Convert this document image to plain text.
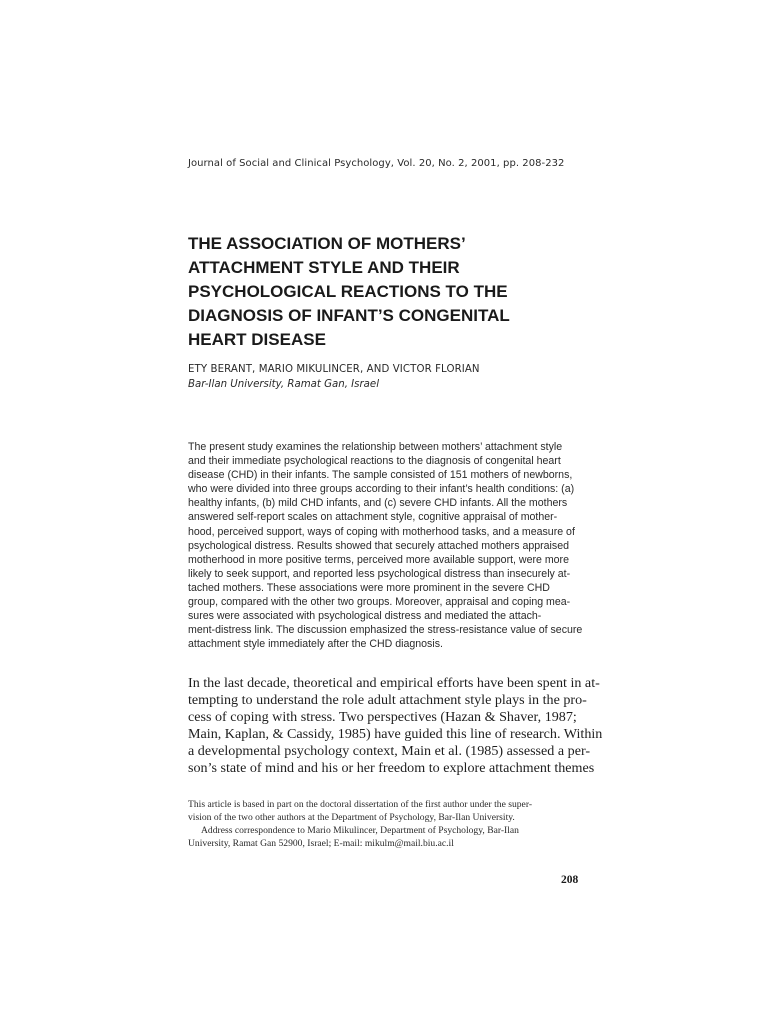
Journal of Social and Clinical Psychology, Vol. 20, No. 2, 2001, pp. 208-232
THE ASSOCIATION OF MOTHERS’
ATTACHMENT STYLE AND THEIR
PSYCHOLOGICAL REACTIONS TO THE
DIAGNOSIS OF INFANT’S CONGENITAL
HEART DISEASE
ETY BERANT, MARIO MIKULINCER, AND VICTOR FLORIAN
Bar-Ilan University, Ramat Gan, Israel
The present study examines the relationship between mothers’ attachment style
and their immediate psychological reactions to the diagnosis of congenital heart
disease (CHD) in their infants. The sample consisted of 151 mothers of newborns,
who were divided into three groups according to their infant’s health conditions: (a)
healthy infants, (b) mild CHD infants, and (c) severe CHD infants. All the mothers
answered self-report scales on attachment style, cognitive appraisal of mother-
hood, perceived support, ways of coping with motherhood tasks, and a measure of
psychological distress. Results showed that securely attached mothers appraised
motherhood in more positive terms, perceived more available support, were more
likely to seek support, and reported less psychological distress than insecurely at-
tached mothers. These associations were more prominent in the severe CHD
group, compared with the other two groups. Moreover, appraisal and coping mea-
sures were associated with psychological distress and mediated the attach-
ment-distress link. The discussion emphasized the stress-resistance value of secure
attachment style immediately after the CHD diagnosis.
In the last decade, theoretical and empirical efforts have been spent in at-
tempting to understand the role adult attachment style plays in the pro-
cess of coping with stress. Two perspectives (Hazan & Shaver, 1987;
Main, Kaplan, & Cassidy, 1985) have guided this line of research. Within
a developmental psychology context, Main et al. (1985) assessed a per-
son’s state of mind and his or her freedom to explore attachment themes
This article is based in part on the doctoral dissertation of the first author under the super-
vision of the two other authors at the Department of Psychology, Bar-Ilan University.
Address correspondence to Mario Mikulincer, Department of Psychology, Bar-Ilan
University, Ramat Gan 52900, Israel; E-mail: mikulm@mail.biu.ac.il
208
